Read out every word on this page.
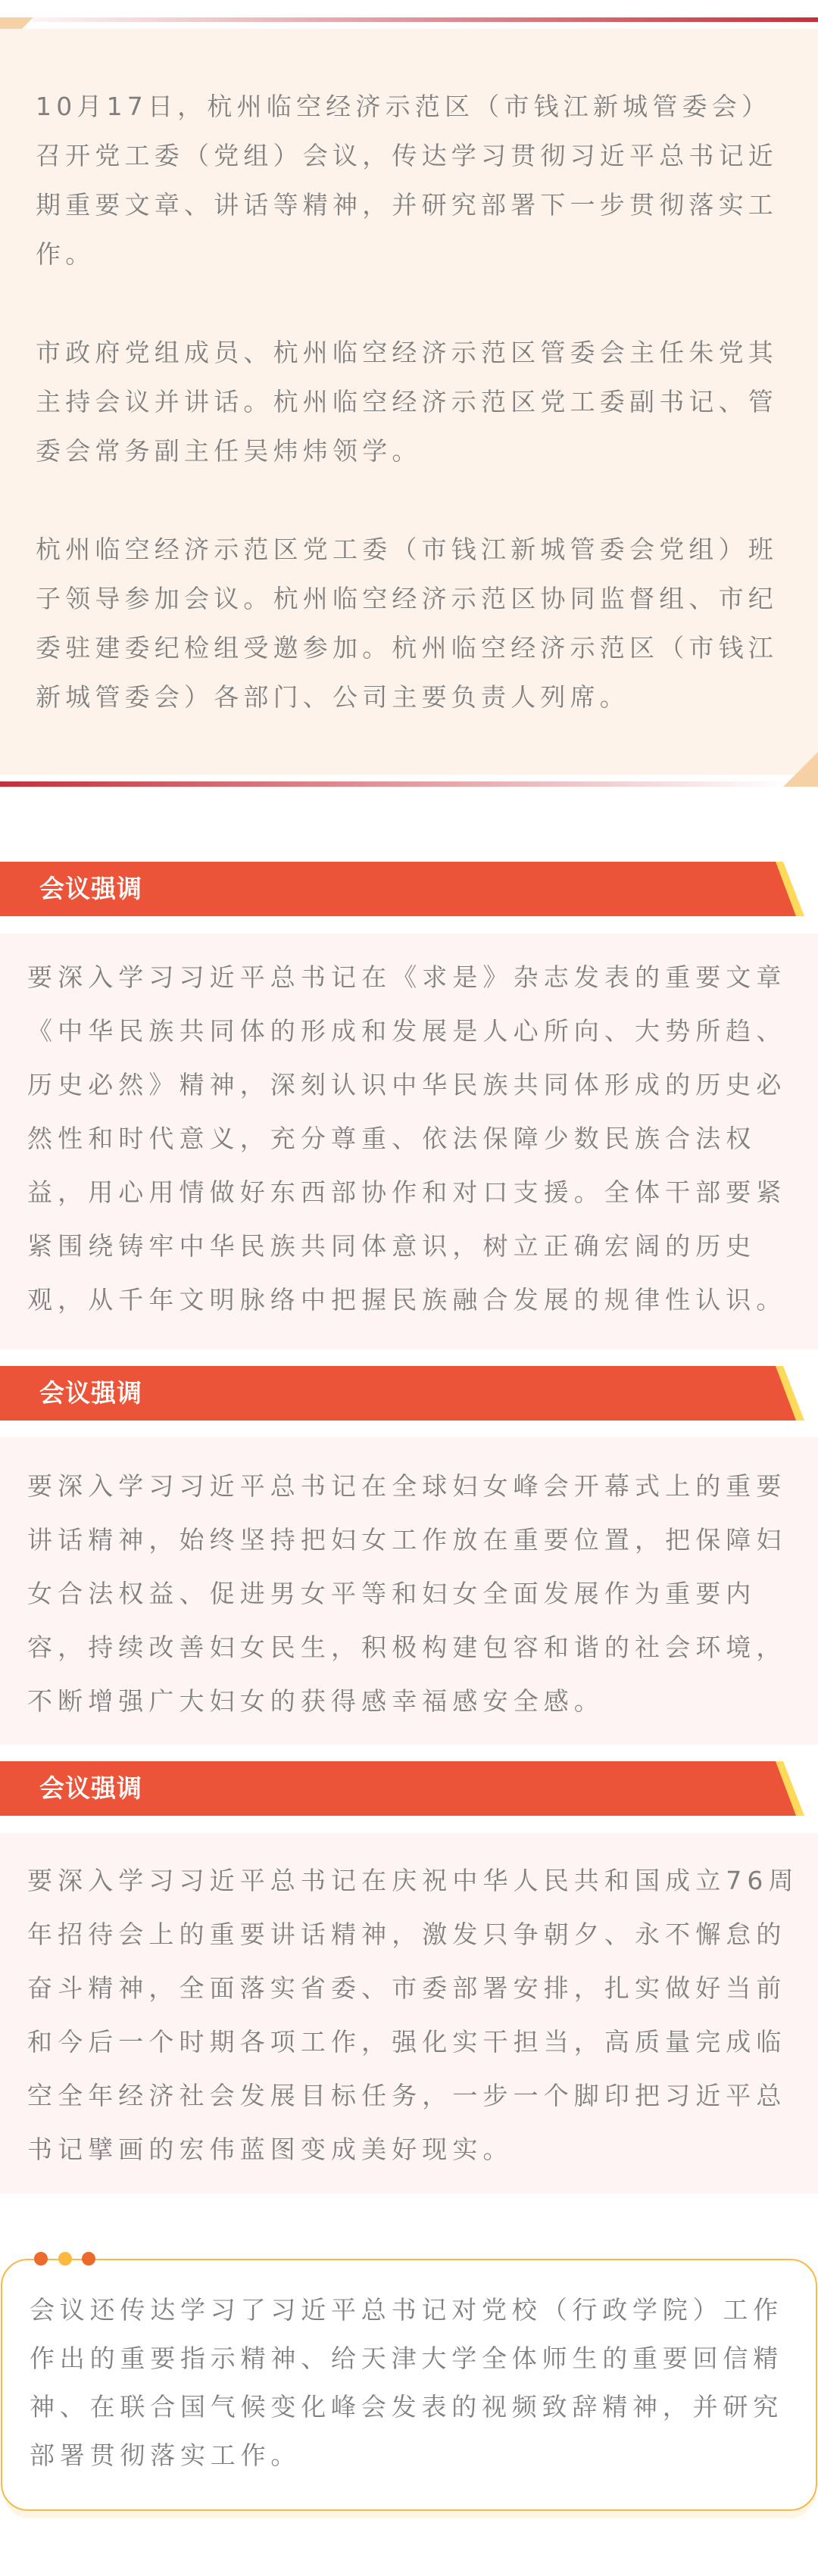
10月17日，杭州临空经济示范区（市钱江新城管委会）召开党工委（党组）会议，传达学习贯彻习近平总书记近期重要文章、讲话等精神，并研究部署下一步贯彻落实工作。

市政府党组成员、杭州临空经济示范区管委会主任朱党其主持会议并讲话。杭州临空经济示范区党工委副书记、管委会常务副主任吴炜炜领学。

杭州临空经济示范区党工委（市钱江新城管委会党组）班子领导参加会议。杭州临空经济示范区协同监督组、市纪委驻建委纪检组受邀参加。杭州临空经济示范区（市钱江新城管委会）各部门、公司主要负责人列席。

会议强调
要深入学习习近平总书记在《求是》杂志发表的重要文章《中华民族共同体的形成和发展是人心所向、大势所趋、历史必然》精神，深刻认识中华民族共同体形成的历史必然性和时代意义，充分尊重、依法保障少数民族合法权益，用心用情做好东西部协作和对口支援。全体干部要紧紧围绕铸牢中华民族共同体意识，树立正确宏阔的历史观，从千年文明脉络中把握民族融合发展的规律性认识。
会议强调
要深入学习习近平总书记在全球妇女峰会开幕式上的重要讲话精神，始终坚持把妇女工作放在重要位置，把保障妇女合法权益、促进男女平等和妇女全面发展作为重要内容，持续改善妇女民生，积极构建包容和谐的社会环境，不断增强广大妇女的获得感幸福感安全感。
会议强调
要深入学习习近平总书记在庆祝中华人民共和国成立76周年招待会上的重要讲话精神，激发只争朝夕、永不懈怠的奋斗精神，全面落实省委、市委部署安排，扎实做好当前和今后一个时期各项工作，强化实干担当，高质量完成临空全年经济社会发展目标任务，一步一个脚印把习近平总书记擘画的宏伟蓝图变成美好现实。
会议还传达学习了习近平总书记对党校（行政学院）工作作出的重要指示精神、给天津大学全体师生的重要回信精神、在联合国气候变化峰会发表的视频致辞精神，并研究部署贯彻落实工作。
